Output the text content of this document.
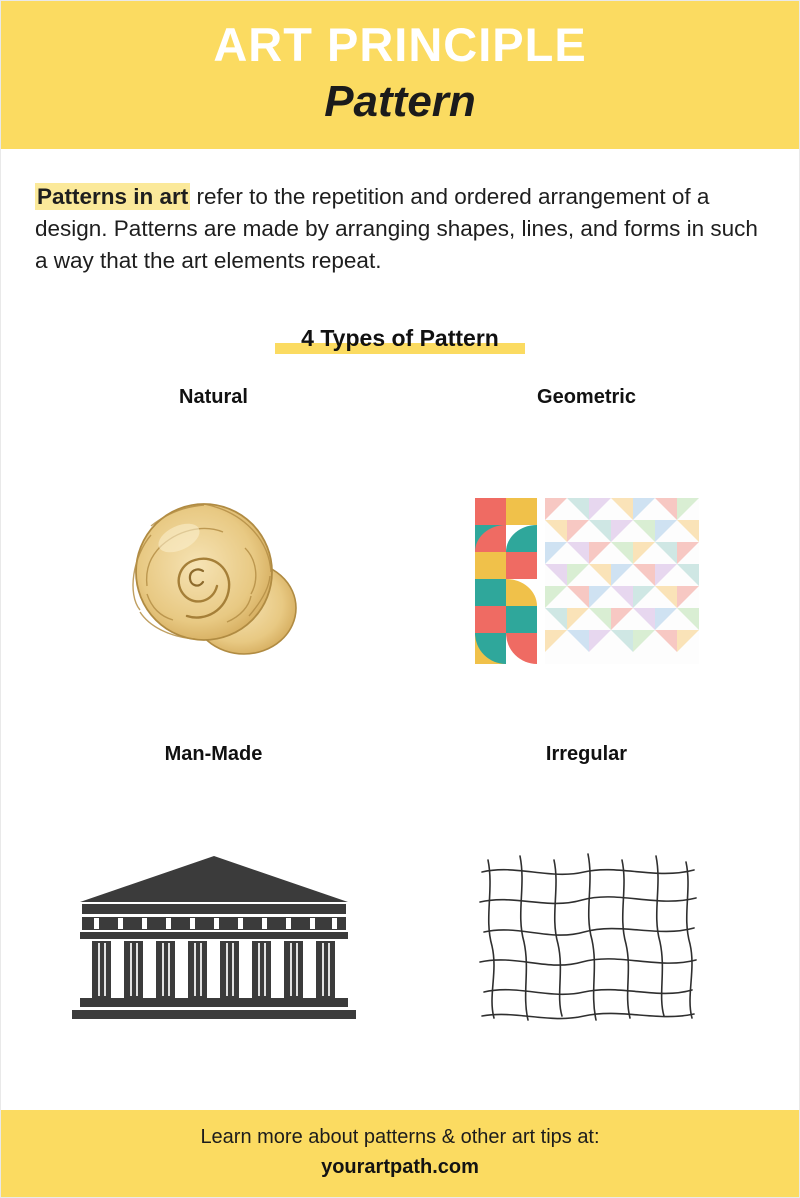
ART PRINCIPLE
Pattern
Patterns in art refer to the repetition and ordered arrangement of a design. Patterns are made by arranging shapes, lines, and forms in such a way that the art elements repeat.
4 Types of Pattern
Natural	Geometric
Man-Made	Irregular
Learn more about patterns & other art tips at:
yourartpath.com
